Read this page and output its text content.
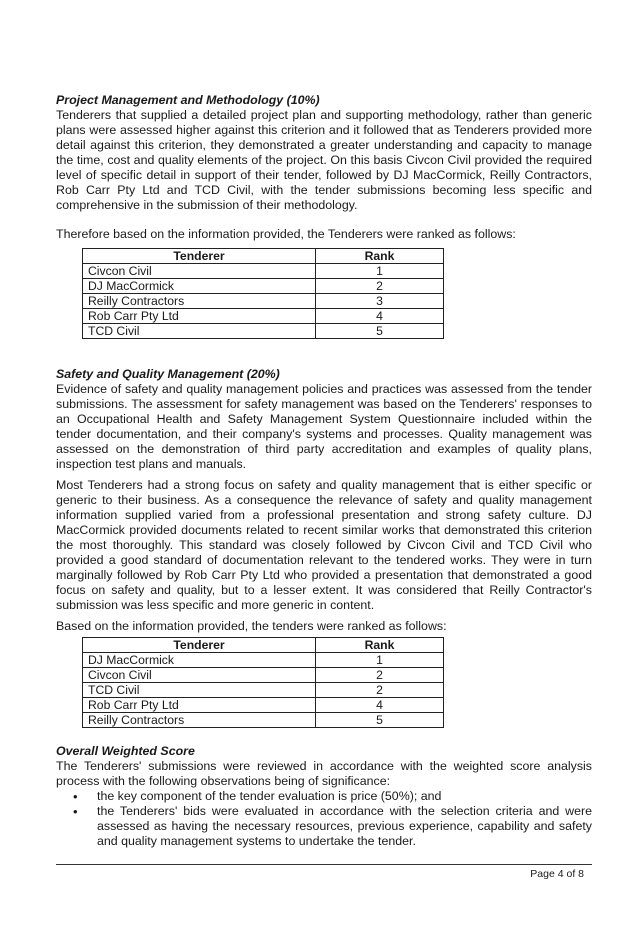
Project Management and Methodology (10%)

Tenderers that supplied a detailed project plan and supporting methodology, rather than generic plans were assessed higher against this criterion and it followed that as Tenderers provided more detail against this criterion, they demonstrated a greater understanding and capacity to manage the time, cost and quality elements of the project. On this basis Civcon Civil provided the required level of specific detail in support of their tender, followed by DJ MacCormick, Reilly Contractors, Rob Carr Pty Ltd and TCD Civil, with the tender submissions becoming less specific and comprehensive in the submission of their methodology.

Therefore based on the information provided, the Tenderers were ranked as follows:

Tenderer	Rank
Civcon Civil	1
DJ MacCormick	2
Reilly Contractors	3
Rob Carr Pty Ltd	4
TCD Civil	5
Safety and Quality Management (20%)

Evidence of safety and quality management policies and practices was assessed from the tender submissions. The assessment for safety management was based on the Tenderers' responses to an Occupational Health and Safety Management System Questionnaire included within the tender documentation, and their company's systems and processes. Quality management was assessed on the demonstration of third party accreditation and examples of quality plans, inspection test plans and manuals.

Most Tenderers had a strong focus on safety and quality management that is either specific or generic to their business. As a consequence the relevance of safety and quality management information supplied varied from a professional presentation and strong safety culture. DJ MacCormick provided documents related to recent similar works that demonstrated this criterion the most thoroughly. This standard was closely followed by Civcon Civil and TCD Civil who provided a good standard of documentation relevant to the tendered works. They were in turn marginally followed by Rob Carr Pty Ltd who provided a presentation that demonstrated a good focus on safety and quality, but to a lesser extent. It was considered that Reilly Contractor's submission was less specific and more generic in content.

Based on the information provided, the tenders were ranked as follows:

Tenderer	Rank
DJ MacCormick	1
Civcon Civil	2
TCD Civil	2
Rob Carr Pty Ltd	4
Reilly Contractors	5
Overall Weighted Score

The Tenderers' submissions were reviewed in accordance with the weighted score analysis process with the following observations being of significance:

• the key component of the tender evaluation is price (50%); and
• the Tenderers' bids were evaluated in accordance with the selection criteria and were assessed as having the necessary resources, previous experience, capability and safety and quality management systems to undertake the tender.
Page 4 of 8
